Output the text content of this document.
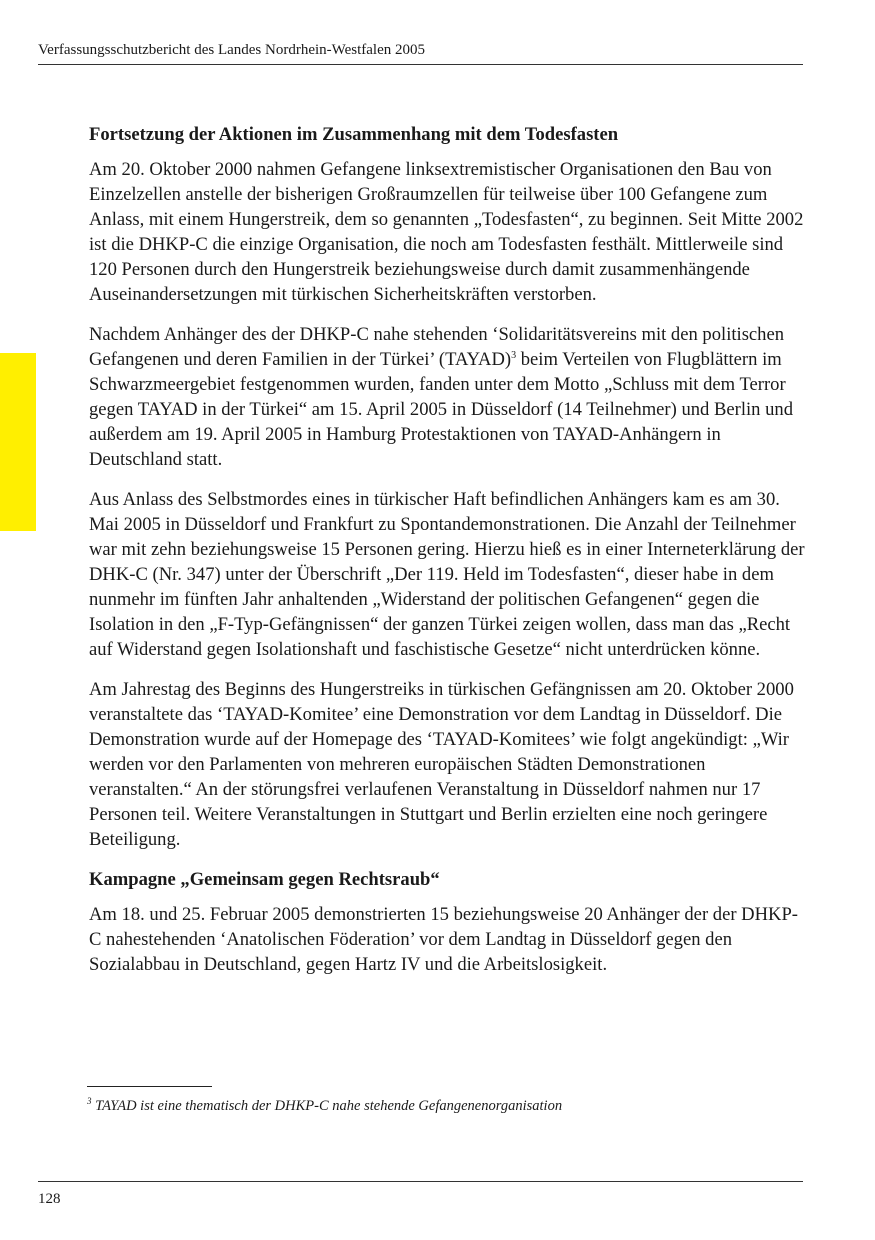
Verfassungsschutzbericht des Landes Nordrhein-Westfalen 2005
Fortsetzung der Aktionen im Zusammenhang mit dem Todesfasten

Am 20. Oktober 2000 nahmen Gefangene linksextremistischer Organisationen den Bau von Einzelzellen anstelle der bisherigen Großraumzellen für teilweise über 100 Gefangene zum Anlass, mit einem Hungerstreik, dem so genannten „Todesfasten“, zu beginnen. Seit Mitte 2002 ist die DHKP-C die einzige Organisation, die noch am Todesfasten festhält. Mittlerweile sind 120 Personen durch den Hungerstreik beziehungsweise durch damit zusammenhängende Auseinandersetzungen mit türkischen Sicherheitskräften verstorben.

Nachdem Anhänger des der DHKP-C nahe stehenden ‘Solidaritätsvereins mit den politischen Gefangenen und deren Familien in der Türkei’ (TAYAD)$^3$ beim Verteilen von Flugblättern im Schwarzmeergebiet festgenommen wurden, fanden unter dem Motto „Schluss mit dem Terror gegen TAYAD in der Türkei“ am 15. April 2005 in Düsseldorf (14 Teilnehmer) und Berlin und außerdem am 19. April 2005 in Hamburg Protestaktionen von TAYAD-Anhängern in Deutschland statt.

Aus Anlass des Selbstmordes eines in türkischer Haft befindlichen Anhängers kam es am 30. Mai 2005 in Düsseldorf und Frankfurt zu Spontandemonstrationen. Die Anzahl der Teilnehmer war mit zehn beziehungsweise 15 Personen gering. Hierzu hieß es in einer Interneterklärung der DHK-C (Nr. 347) unter der Überschrift „Der 119. Held im Todesfasten“, dieser habe in dem nunmehr im fünften Jahr anhaltenden „Widerstand der politischen Gefangenen“ gegen die Isolation in den „F-Typ-Gefängnissen“ der ganzen Türkei zeigen wollen, dass man das „Recht auf Widerstand gegen Isolationshaft und faschistische Gesetze“ nicht unterdrücken könne.

Am Jahrestag des Beginns des Hungerstreiks in türkischen Gefängnissen am 20. Oktober 2000 veranstaltete das ‘TAYAD-Komitee’ eine Demonstration vor dem Landtag in Düsseldorf. Die Demonstration wurde auf der Homepage des ‘TAYAD-Komitees’ wie folgt angekündigt: „Wir werden vor den Parlamenten von mehreren europäischen Städten Demonstrationen veranstalten.“ An der störungsfrei verlaufenen Veranstaltung in Düsseldorf nahmen nur 17 Personen teil. Weitere Veranstaltungen in Stuttgart und Berlin erzielten eine noch geringere Beteiligung.

Kampagne „Gemeinsam gegen Rechtsraub“

Am 18. und 25. Februar 2005 demonstrierten 15 beziehungsweise 20 Anhänger der der DHKP-C nahestehenden ‘Anatolischen Föderation’ vor dem Landtag in Düsseldorf gegen den Sozialabbau in Deutschland, gegen Hartz IV und die Arbeitslosigkeit.

$^3$ TAYAD ist eine thematisch der DHKP-C nahe stehende Gefangenenorganisation
128
